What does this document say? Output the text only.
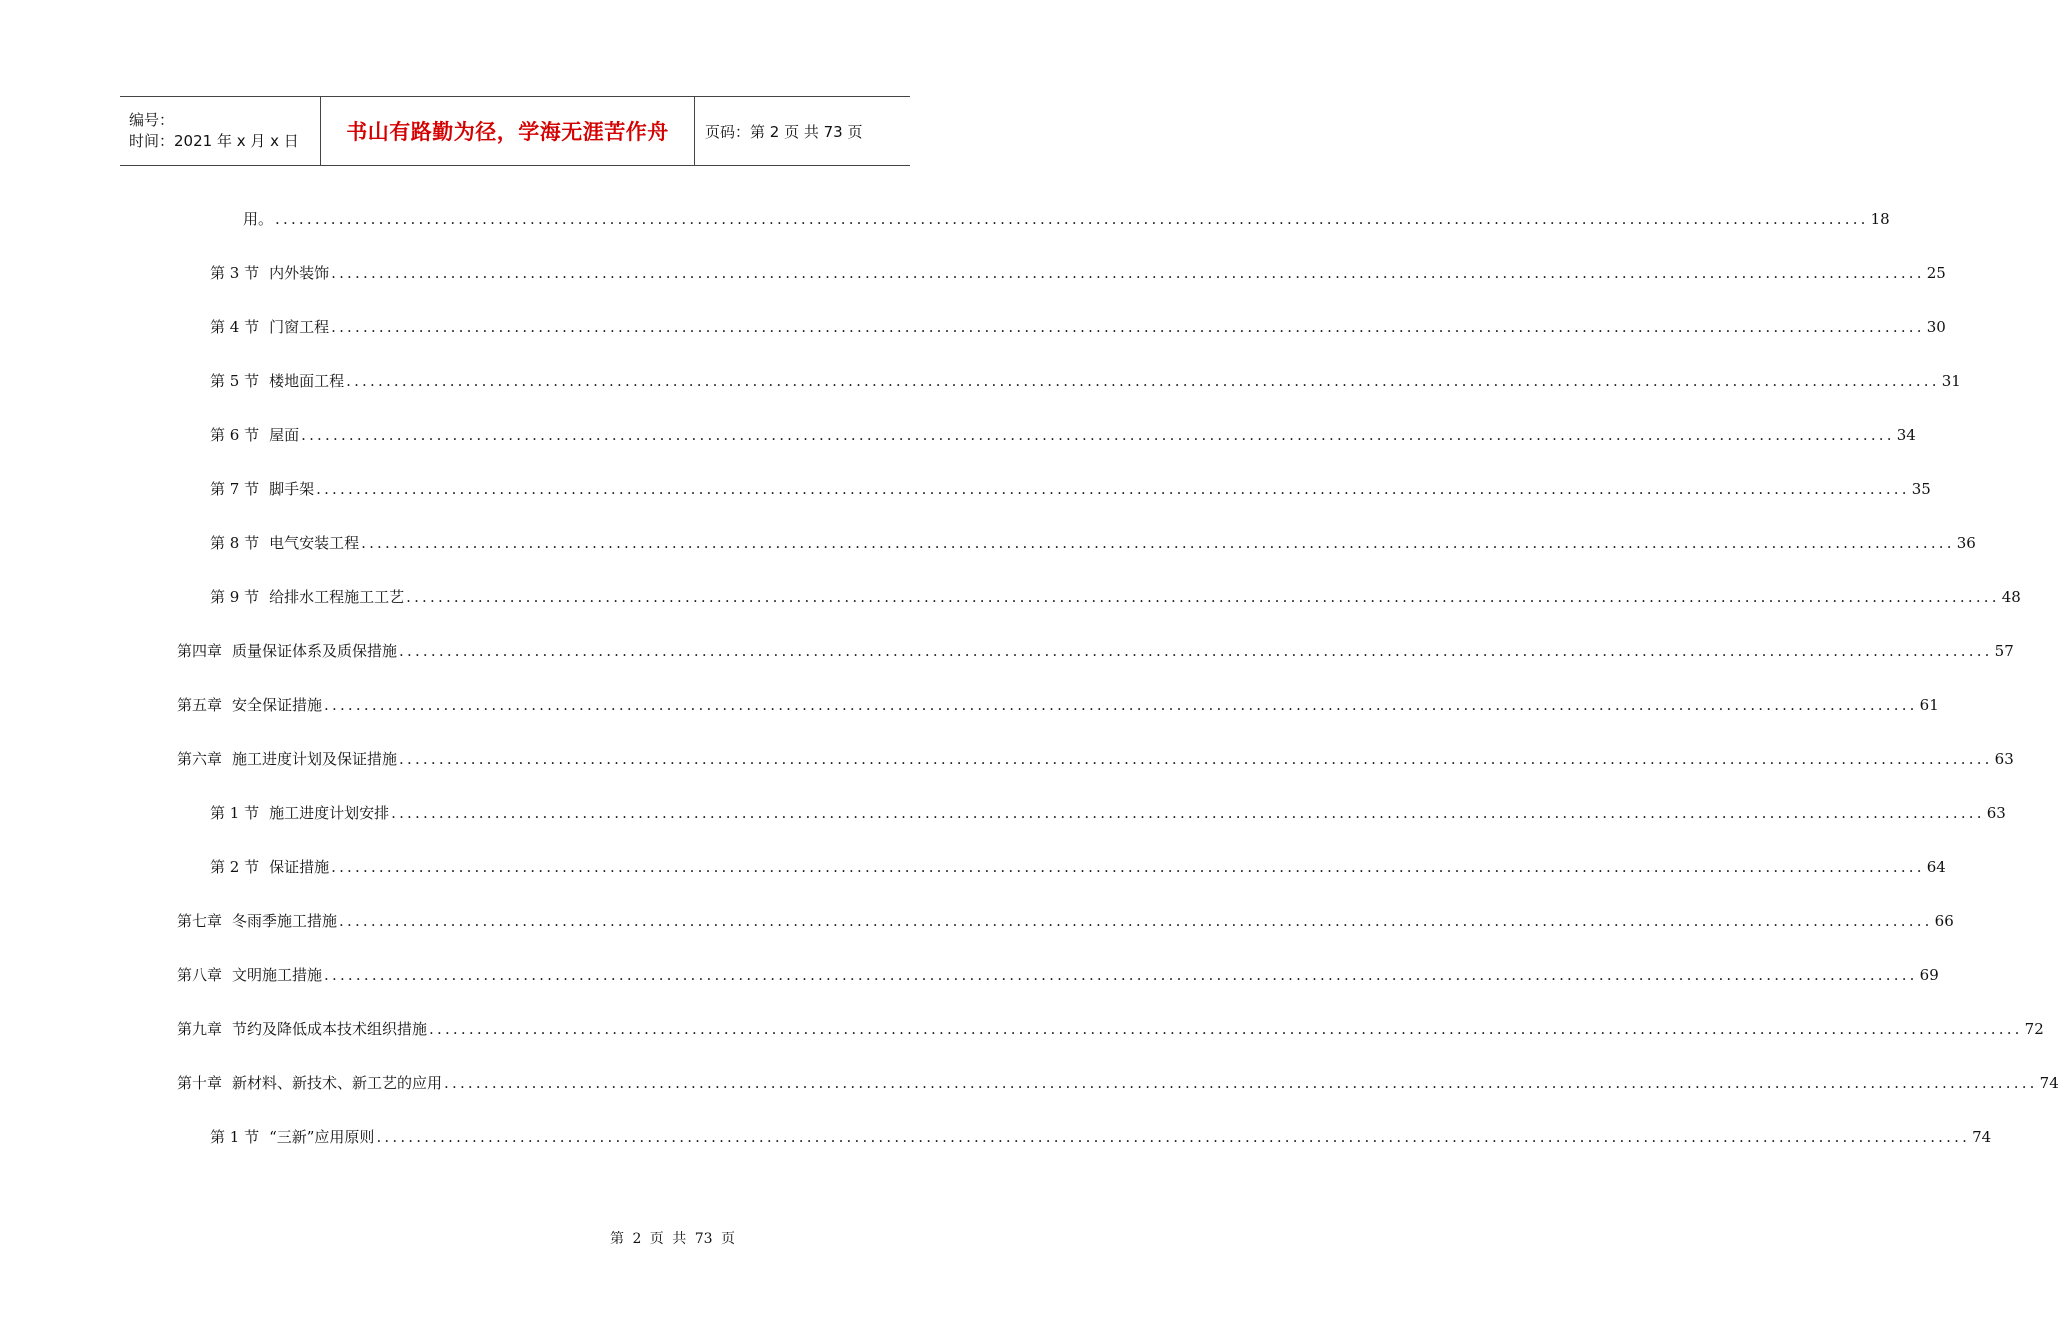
编号：
时间：2021 年 x 月 x 日	书山有路勤为径，学海无涯苦作舟	页码：第 2 页 共 73 页
用。 ........................................................................................................................................................................................................ 18
第 3 节 内外装饰 ........................................................................................................................................................................................................ 25
第 4 节 门窗工程 ........................................................................................................................................................................................................ 30
第 5 节 楼地面工程 ........................................................................................................................................................................................................ 31
第 6 节 屋面 ........................................................................................................................................................................................................ 34
第 7 节 脚手架 ........................................................................................................................................................................................................ 35
第 8 节 电气安装工程 ........................................................................................................................................................................................................ 36
第 9 节 给排水工程施工工艺 ........................................................................................................................................................................................................ 48
第四章 质量保证体系及质保措施 ........................................................................................................................................................................................................ 57
第五章 安全保证措施 ........................................................................................................................................................................................................ 61
第六章 施工进度计划及保证措施 ........................................................................................................................................................................................................ 63
第 1 节 施工进度计划安排 ........................................................................................................................................................................................................ 63
第 2 节 保证措施 ........................................................................................................................................................................................................ 64
第七章 冬雨季施工措施 ........................................................................................................................................................................................................ 66
第八章 文明施工措施 ........................................................................................................................................................................................................ 69
第九章 节约及降低成本技术组织措施 ........................................................................................................................................................................................................ 72
第十章 新材料、新技术、新工艺的应用 ........................................................................................................................................................................................................ 74
第 1 节 “三新”应用原则 ........................................................................................................................................................................................................ 74
第 2 页 共 73 页
